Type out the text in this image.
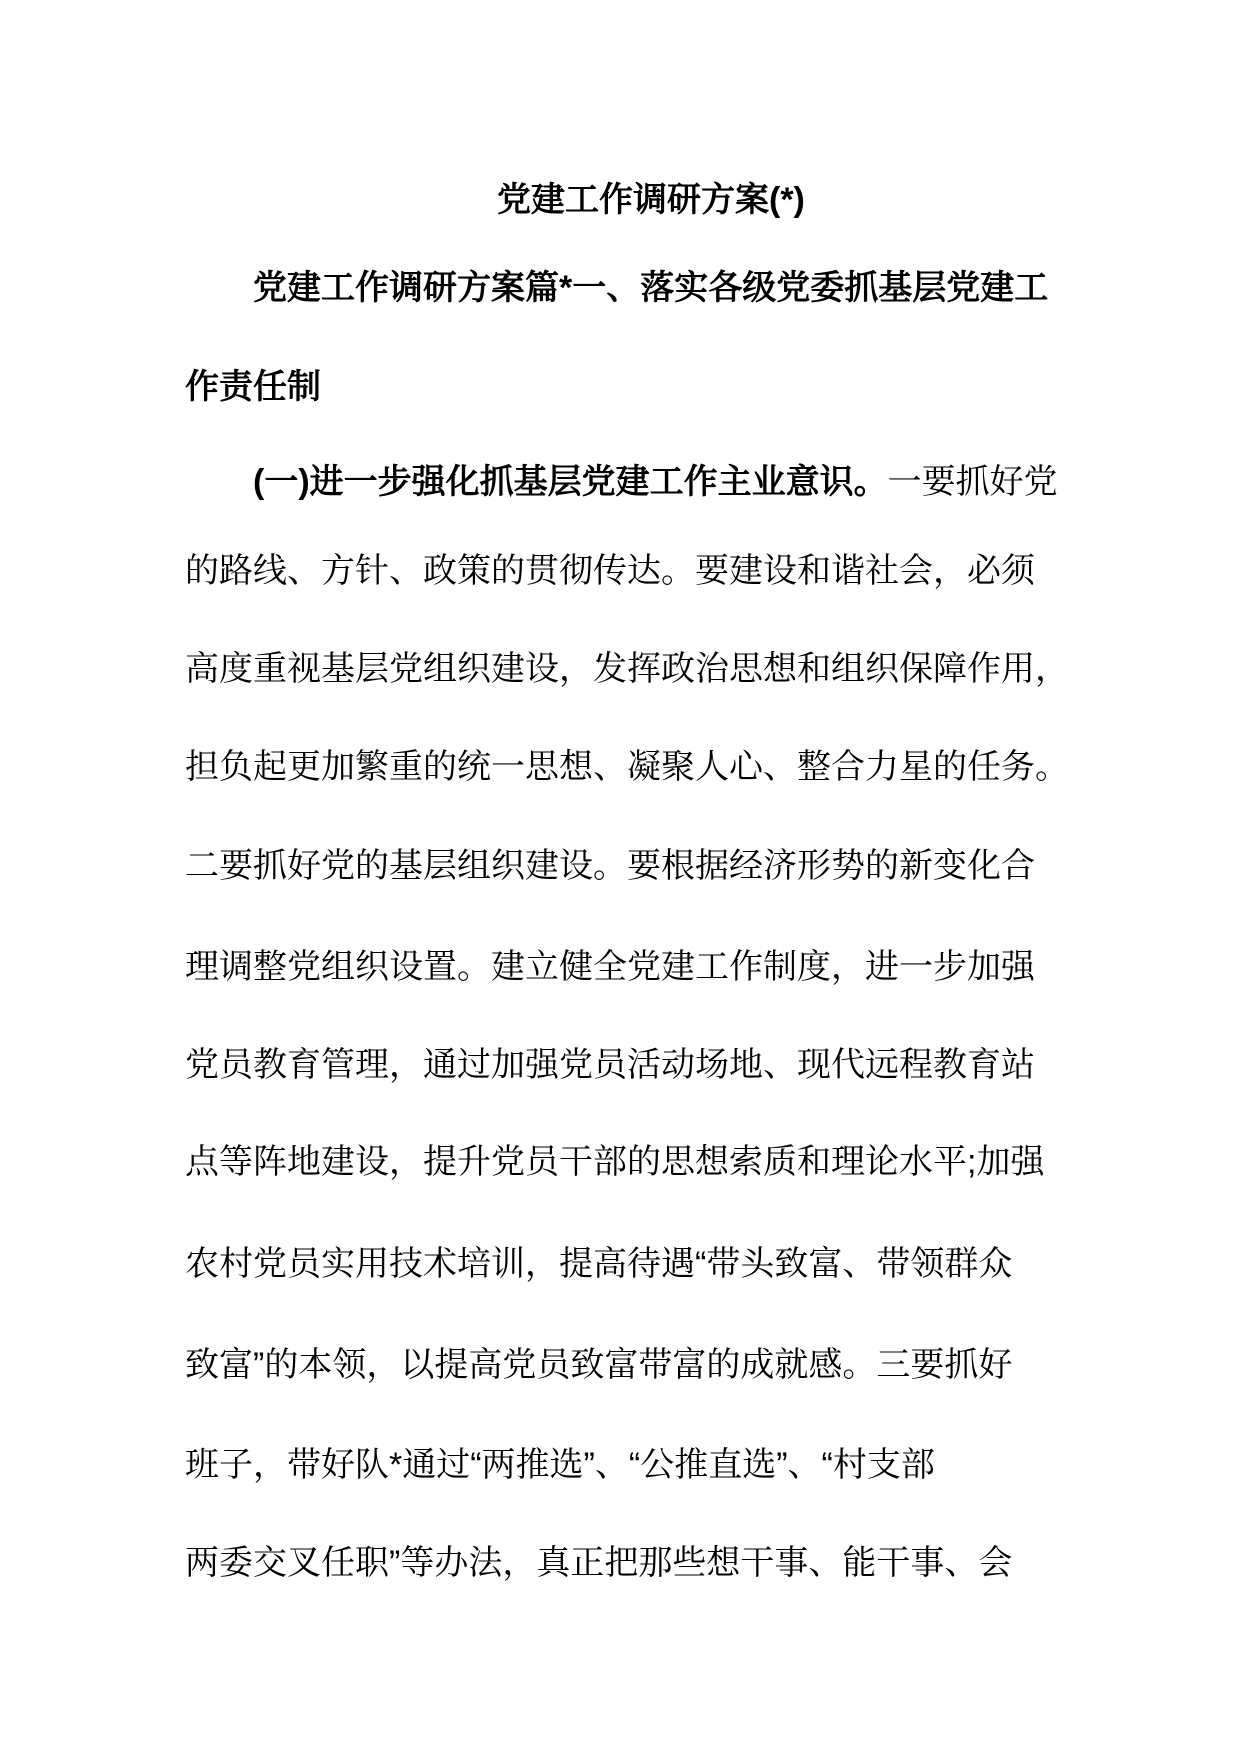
党建工作调研方案(*)
党建工作调研方案篇*一、落实各级党委抓基层党建工
作责任制
(一)进一步强化抓基层党建工作主业意识。一要抓好党
的路线、方针、政策的贯彻传达。要建设和谐社会，必须
高度重视基层党组织建设，发挥政治思想和组织保障作用，
担负起更加繁重的统一思想、凝聚人心、整合力星的任务。
二要抓好党的基层组织建设。要根据经济形势的新变化合
理调整党组织设置。建立健全党建工作制度，进一步加强
党员教育管理，通过加强党员活动场地、现代远程教育站
点等阵地建设，提升党员干部的思想索质和理论水平;加强
农村党员实用技术培训，提高待遇“带头致富、带领群众
致富”的本领，以提高党员致富带富的成就感。三要抓好
班子，带好队*通过“两推选”、“公推直选”、“村支部
两委交叉任职”等办法，真正把那些想干事、能干事、会
